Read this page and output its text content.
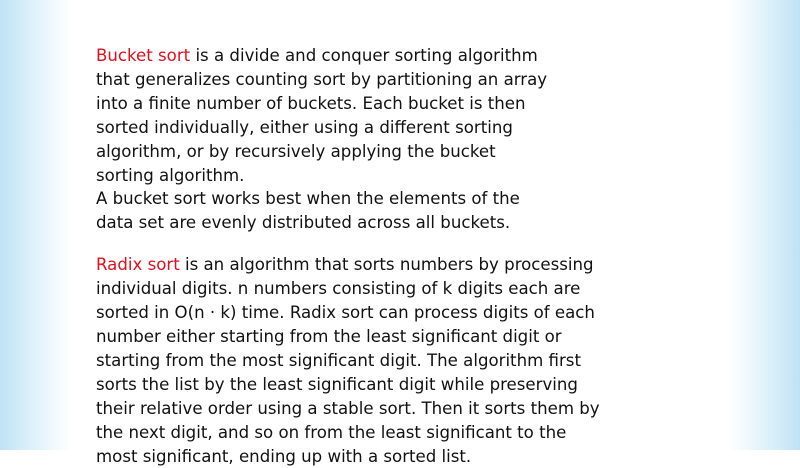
Bucket sort is a divide and conquer sorting algorithm
that generalizes counting sort by partitioning an array
into a finite number of buckets. Each bucket is then
sorted individually, either using a different sorting
algorithm, or by recursively applying the bucket
sorting algorithm.
A bucket sort works best when the elements of the
data set are evenly distributed across all buckets.

Radix sort is an algorithm that sorts numbers by processing
individual digits. n numbers consisting of k digits each are
sorted in O(n · k) time. Radix sort can process digits of each
number either starting from the least significant digit or
starting from the most significant digit. The algorithm first
sorts the list by the least significant digit while preserving
their relative order using a stable sort. Then it sorts them by
the next digit, and so on from the least significant to the
most significant, ending up with a sorted list.
